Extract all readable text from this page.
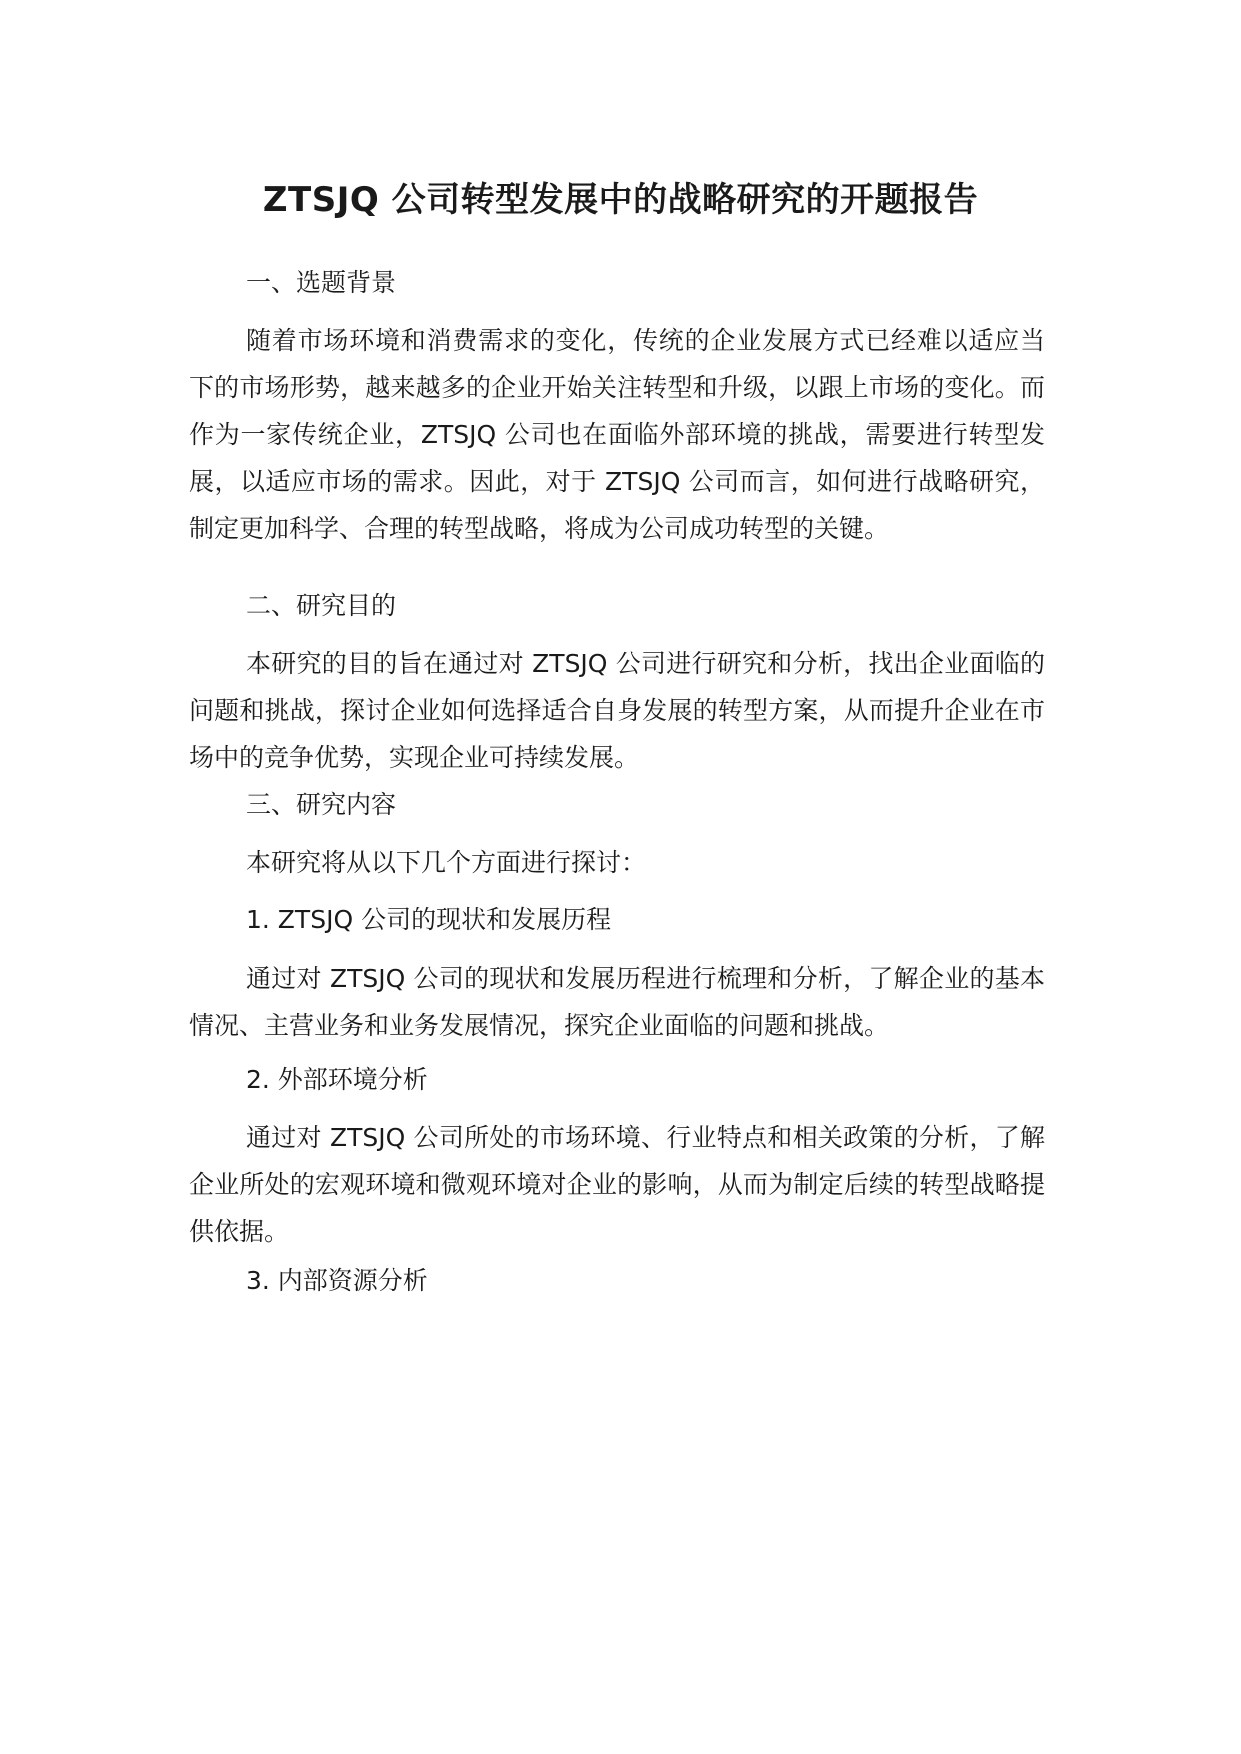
ZTSJQ 公司转型发展中的战略研究的开题报告

一、选题背景

随着市场环境和消费需求的变化，传统的企业发展方式已经难以适应当下的市场形势，越来越多的企业开始关注转型和升级，以跟上市场的变化。而作为一家传统企业，ZTSJQ 公司也在面临外部环境的挑战，需要进行转型发展，以适应市场的需求。因此，对于 ZTSJQ 公司而言，如何进行战略研究，制定更加科学、合理的转型战略，将成为公司成功转型的关键。

二、研究目的

本研究的目的旨在通过对 ZTSJQ 公司进行研究和分析，找出企业面临的问题和挑战，探讨企业如何选择适合自身发展的转型方案，从而提升企业在市场中的竞争优势，实现企业可持续发展。

三、研究内容

本研究将从以下几个方面进行探讨：

1. ZTSJQ 公司的现状和发展历程

通过对 ZTSJQ 公司的现状和发展历程进行梳理和分析，了解企业的基本情况、主营业务和业务发展情况，探究企业面临的问题和挑战。

2. 外部环境分析

通过对 ZTSJQ 公司所处的市场环境、行业特点和相关政策的分析，了解企业所处的宏观环境和微观环境对企业的影响，从而为制定后续的转型战略提供依据。

3. 内部资源分析
